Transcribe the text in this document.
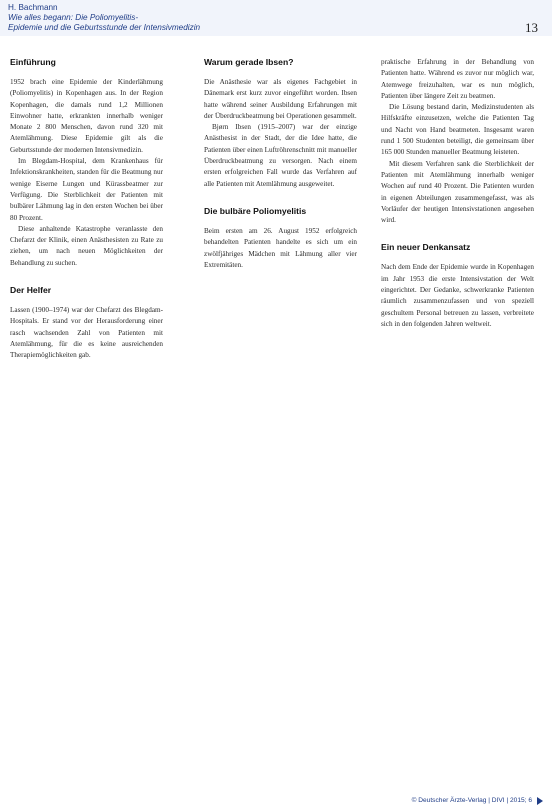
H. Bachmann
Wie alles begann: Die Poliomyelitis-
Epidemie und die Geburtsstunde der Intensivmedizin	13
Einführung

1952 brach eine Epidemie der Kinderlähmung (Poliomyelitis) in Kopenhagen aus. In der Region Kopenhagen, die damals rund 1,2 Millionen Einwohner hatte, erkrankten innerhalb weniger Monate 2 800 Menschen, davon rund 320 mit Atemlähmung. Diese Epidemie gilt als die Geburtsstunde der modernen Intensivmedizin.

Im Blegdam-Hospital, dem Krankenhaus für Infektionskrankheiten, standen für die Beatmung nur wenige Eiserne Lungen und Kürassbeatmer zur Verfügung. Die Sterblichkeit der Patienten mit bulbärer Lähmung lag in den ersten Wochen bei über 80 Prozent.

Diese anhaltende Katastrophe veranlasste den Chefarzt der Klinik, einen Anästhesisten zu Rate zu ziehen, um nach neuen Möglichkeiten der Behandlung zu suchen.

Der Helfer

Lassen (1900–1974) war der Chefarzt des Blegdam-Hospitals. Er stand vor der Herausforderung einer rasch wachsenden Zahl von Patienten mit Atemlähmung, für die es keine ausreichenden Therapiemöglichkeiten gab.

Warum gerade Ibsen?

Die Anästhesie war als eigenes Fachgebiet in Dänemark erst kurz zuvor eingeführt worden. Ibsen hatte während seiner Ausbildung Erfahrungen mit der Überdruckbeatmung bei Operationen gesammelt.

Bjørn Ibsen (1915–2007) war der einzige Anästhesist in der Stadt, der die Idee hatte, die Patienten über einen Luftröhrenschnitt mit manueller Überdruckbeatmung zu versorgen. Nach einem ersten erfolgreichen Fall wurde das Verfahren auf alle Patienten mit Atemlähmung ausgeweitet.

Die bulbäre Poliomyelitis

Beim ersten am 26. August 1952 erfolgreich behandelten Patienten handelte es sich um ein zwölfjähriges Mädchen mit Lähmung aller vier Extremitäten.

praktische Erfahrung in der Behandlung von Patienten hatte. Während es zuvor nur möglich war, Atemwege freizuhalten, war es nun möglich, Patienten über längere Zeit zu beatmen.

Die Lösung bestand darin, Medizinstudenten als Hilfskräfte einzusetzen, welche die Patienten Tag und Nacht von Hand beatmeten. Insgesamt waren rund 1 500 Studenten beteiligt, die gemeinsam über 165 000 Stunden manueller Beatmung leisteten.

Mit diesem Verfahren sank die Sterblichkeit der Patienten mit Atemlähmung innerhalb weniger Wochen auf rund 40 Prozent. Die Patienten wurden in eigenen Abteilungen zusammengefasst, was als Vorläufer der heutigen Intensivstationen angesehen wird.

Ein neuer Denkansatz

Nach dem Ende der Epidemie wurde in Kopenhagen im Jahr 1953 die erste Intensivstation der Welt eingerichtet. Der Gedanke, schwerkranke Patienten räumlich zusammenzufassen und von speziell geschultem Personal betreuen zu lassen, verbreitete sich in den folgenden Jahren weltweit.

© Deutscher Ärzte-Verlag | DIVI | 2015; 6
